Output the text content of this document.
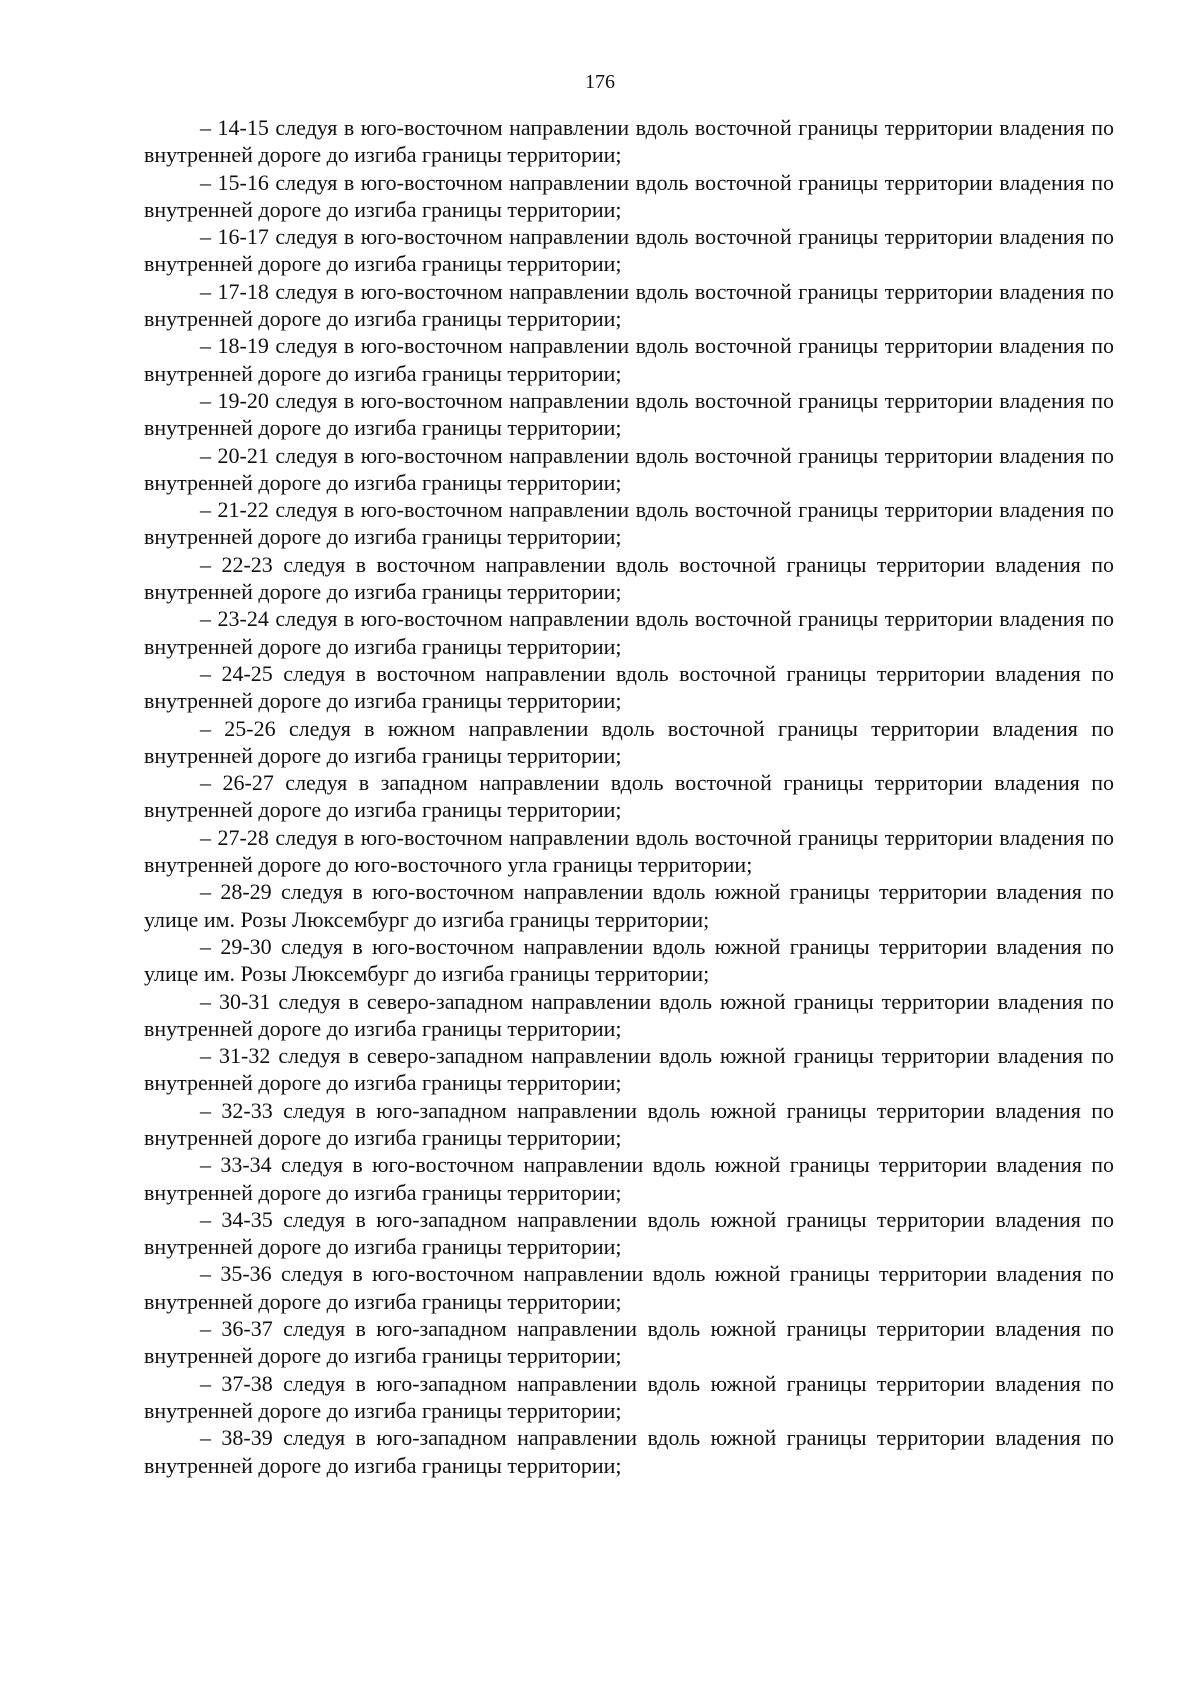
176

– 14-15 следуя в юго-восточном направлении вдоль восточной границы территории владения по внутренней дороге до изгиба границы территории;

– 15-16 следуя в юго-восточном направлении вдоль восточной границы территории владения по внутренней дороге до изгиба границы территории;

– 16-17 следуя в юго-восточном направлении вдоль восточной границы территории владения по внутренней дороге до изгиба границы территории;

– 17-18 следуя в юго-восточном направлении вдоль восточной границы территории владения по внутренней дороге до изгиба границы территории;

– 18-19 следуя в юго-восточном направлении вдоль восточной границы территории владения по внутренней дороге до изгиба границы территории;

– 19-20 следуя в юго-восточном направлении вдоль восточной границы территории владения по внутренней дороге до изгиба границы территории;

– 20-21 следуя в юго-восточном направлении вдоль восточной границы территории владения по внутренней дороге до изгиба границы территории;

– 21-22 следуя в юго-восточном направлении вдоль восточной границы территории владения по внутренней дороге до изгиба границы территории;

– 22-23 следуя в восточном направлении вдоль восточной границы территории владения по внутренней дороге до изгиба границы территории;

– 23-24 следуя в юго-восточном направлении вдоль восточной границы территории владения по внутренней дороге до изгиба границы территории;

– 24-25 следуя в восточном направлении вдоль восточной границы территории владения по внутренней дороге до изгиба границы территории;

– 25-26 следуя в южном направлении вдоль восточной границы территории владения по внутренней дороге до изгиба границы территории;

– 26-27 следуя в западном направлении вдоль восточной границы территории владения по внутренней дороге до изгиба границы территории;

– 27-28 следуя в юго-восточном направлении вдоль восточной границы территории владения по внутренней дороге до юго-восточного угла границы территории;

– 28-29 следуя в юго-восточном направлении вдоль южной границы территории владения по улице им. Розы Люксембург до изгиба границы территории;

– 29-30 следуя в юго-восточном направлении вдоль южной границы территории владения по улице им. Розы Люксембург до изгиба границы территории;

– 30-31 следуя в северо-западном направлении вдоль южной границы территории владения по внутренней дороге до изгиба границы территории;

– 31-32 следуя в северо-западном направлении вдоль южной границы территории владения по внутренней дороге до изгиба границы территории;

– 32-33 следуя в юго-западном направлении вдоль южной границы территории владения по внутренней дороге до изгиба границы территории;

– 33-34 следуя в юго-восточном направлении вдоль южной границы территории владения по внутренней дороге до изгиба границы территории;

– 34-35 следуя в юго-западном направлении вдоль южной границы территории владения по внутренней дороге до изгиба границы территории;

– 35-36 следуя в юго-восточном направлении вдоль южной границы территории владения по внутренней дороге до изгиба границы территории;

– 36-37 следуя в юго-западном направлении вдоль южной границы территории владения по внутренней дороге до изгиба границы территории;

– 37-38 следуя в юго-западном направлении вдоль южной границы территории владения по внутренней дороге до изгиба границы территории;

– 38-39 следуя в юго-западном направлении вдоль южной границы территории владения по внутренней дороге до изгиба границы территории;
